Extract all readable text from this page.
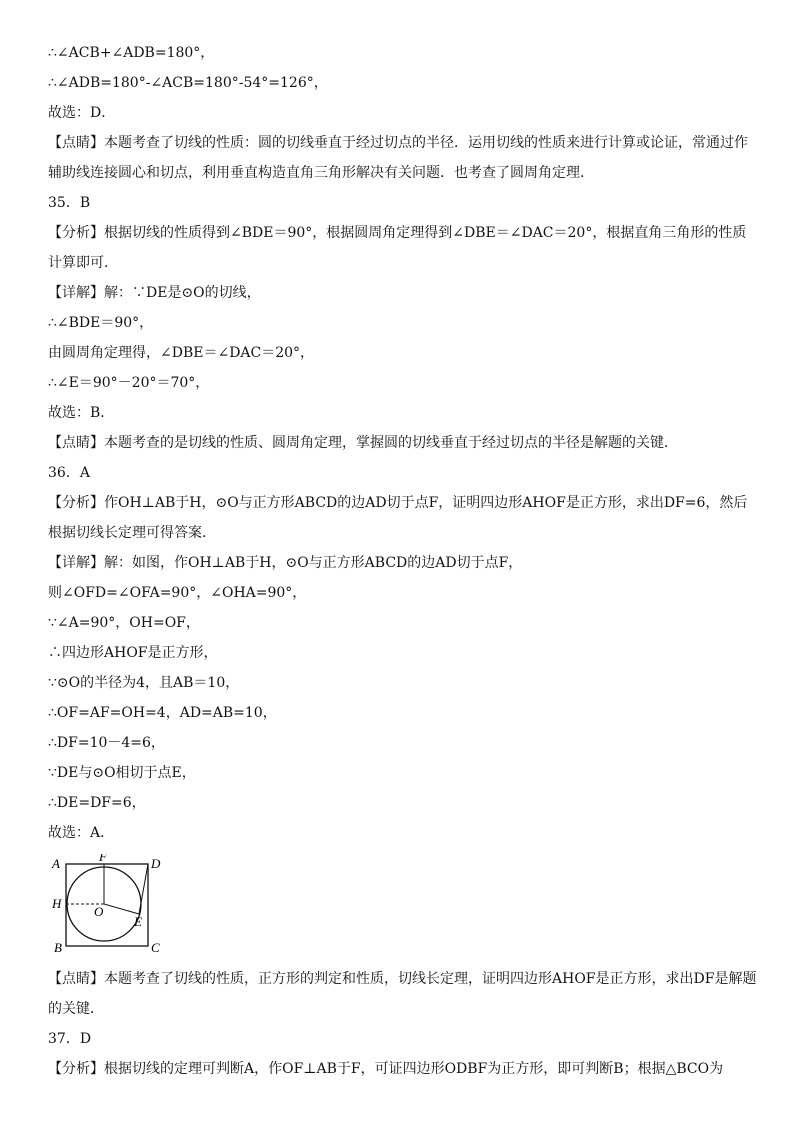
∴∠ACB+∠ADB=180°，
∴∠ADB=180°-∠ACB=180°-54°=126°，
故选：D．

【点睛】本题考查了切线的性质：圆的切线垂直于经过切点的半径．运用切线的性质来进行计算或论证，常通过作辅助线连接圆心和切点，利用垂直构造直角三角形解决有关问题．也考查了圆周角定理．

35．B

【分析】根据切线的性质得到∠BDE＝90°，根据圆周角定理得到∠DBE＝∠DAC＝20°，根据直角三角形的性质计算即可．

【详解】解：∵DE是⊙O的切线，
∴∠BDE＝90°，
由圆周角定理得，∠DBE＝∠DAC＝20°，
∴∠E＝90°－20°＝70°，
故选：B．

【点睛】本题考查的是切线的性质、圆周角定理，掌握圆的切线垂直于经过切点的半径是解题的关键．

36．A

【分析】作OH⊥AB于H，⊙O与正方形ABCD的边AD切于点F，证明四边形AHOF是正方形，求出DF=6，然后根据切线长定理可得答案．

【详解】解：如图，作OH⊥AB于H，⊙O与正方形ABCD的边AD切于点F，
则∠OFD=∠OFA=90°，∠OHA=90°，
∵∠A=90°，OH=OF，
∴四边形AHOF是正方形，
∵⊙O的半径为4，且AB＝10，
∴OF=AF=OH=4，AD=AB=10，
∴DF=10－4=6，
∵DE与⊙O相切于点E，
∴DE=DF=6，
故选：A．
A	F	D
H
O
E
B	C

【点睛】本题考查了切线的性质，正方形的判定和性质，切线长定理，证明四边形AHOF是正方形，求出DF是解题的关键．

37．D

【分析】根据切线的定理可判断A，作OF⊥AB于F，可证四边形ODBF为正方形，即可判断B；根据△BCO为
